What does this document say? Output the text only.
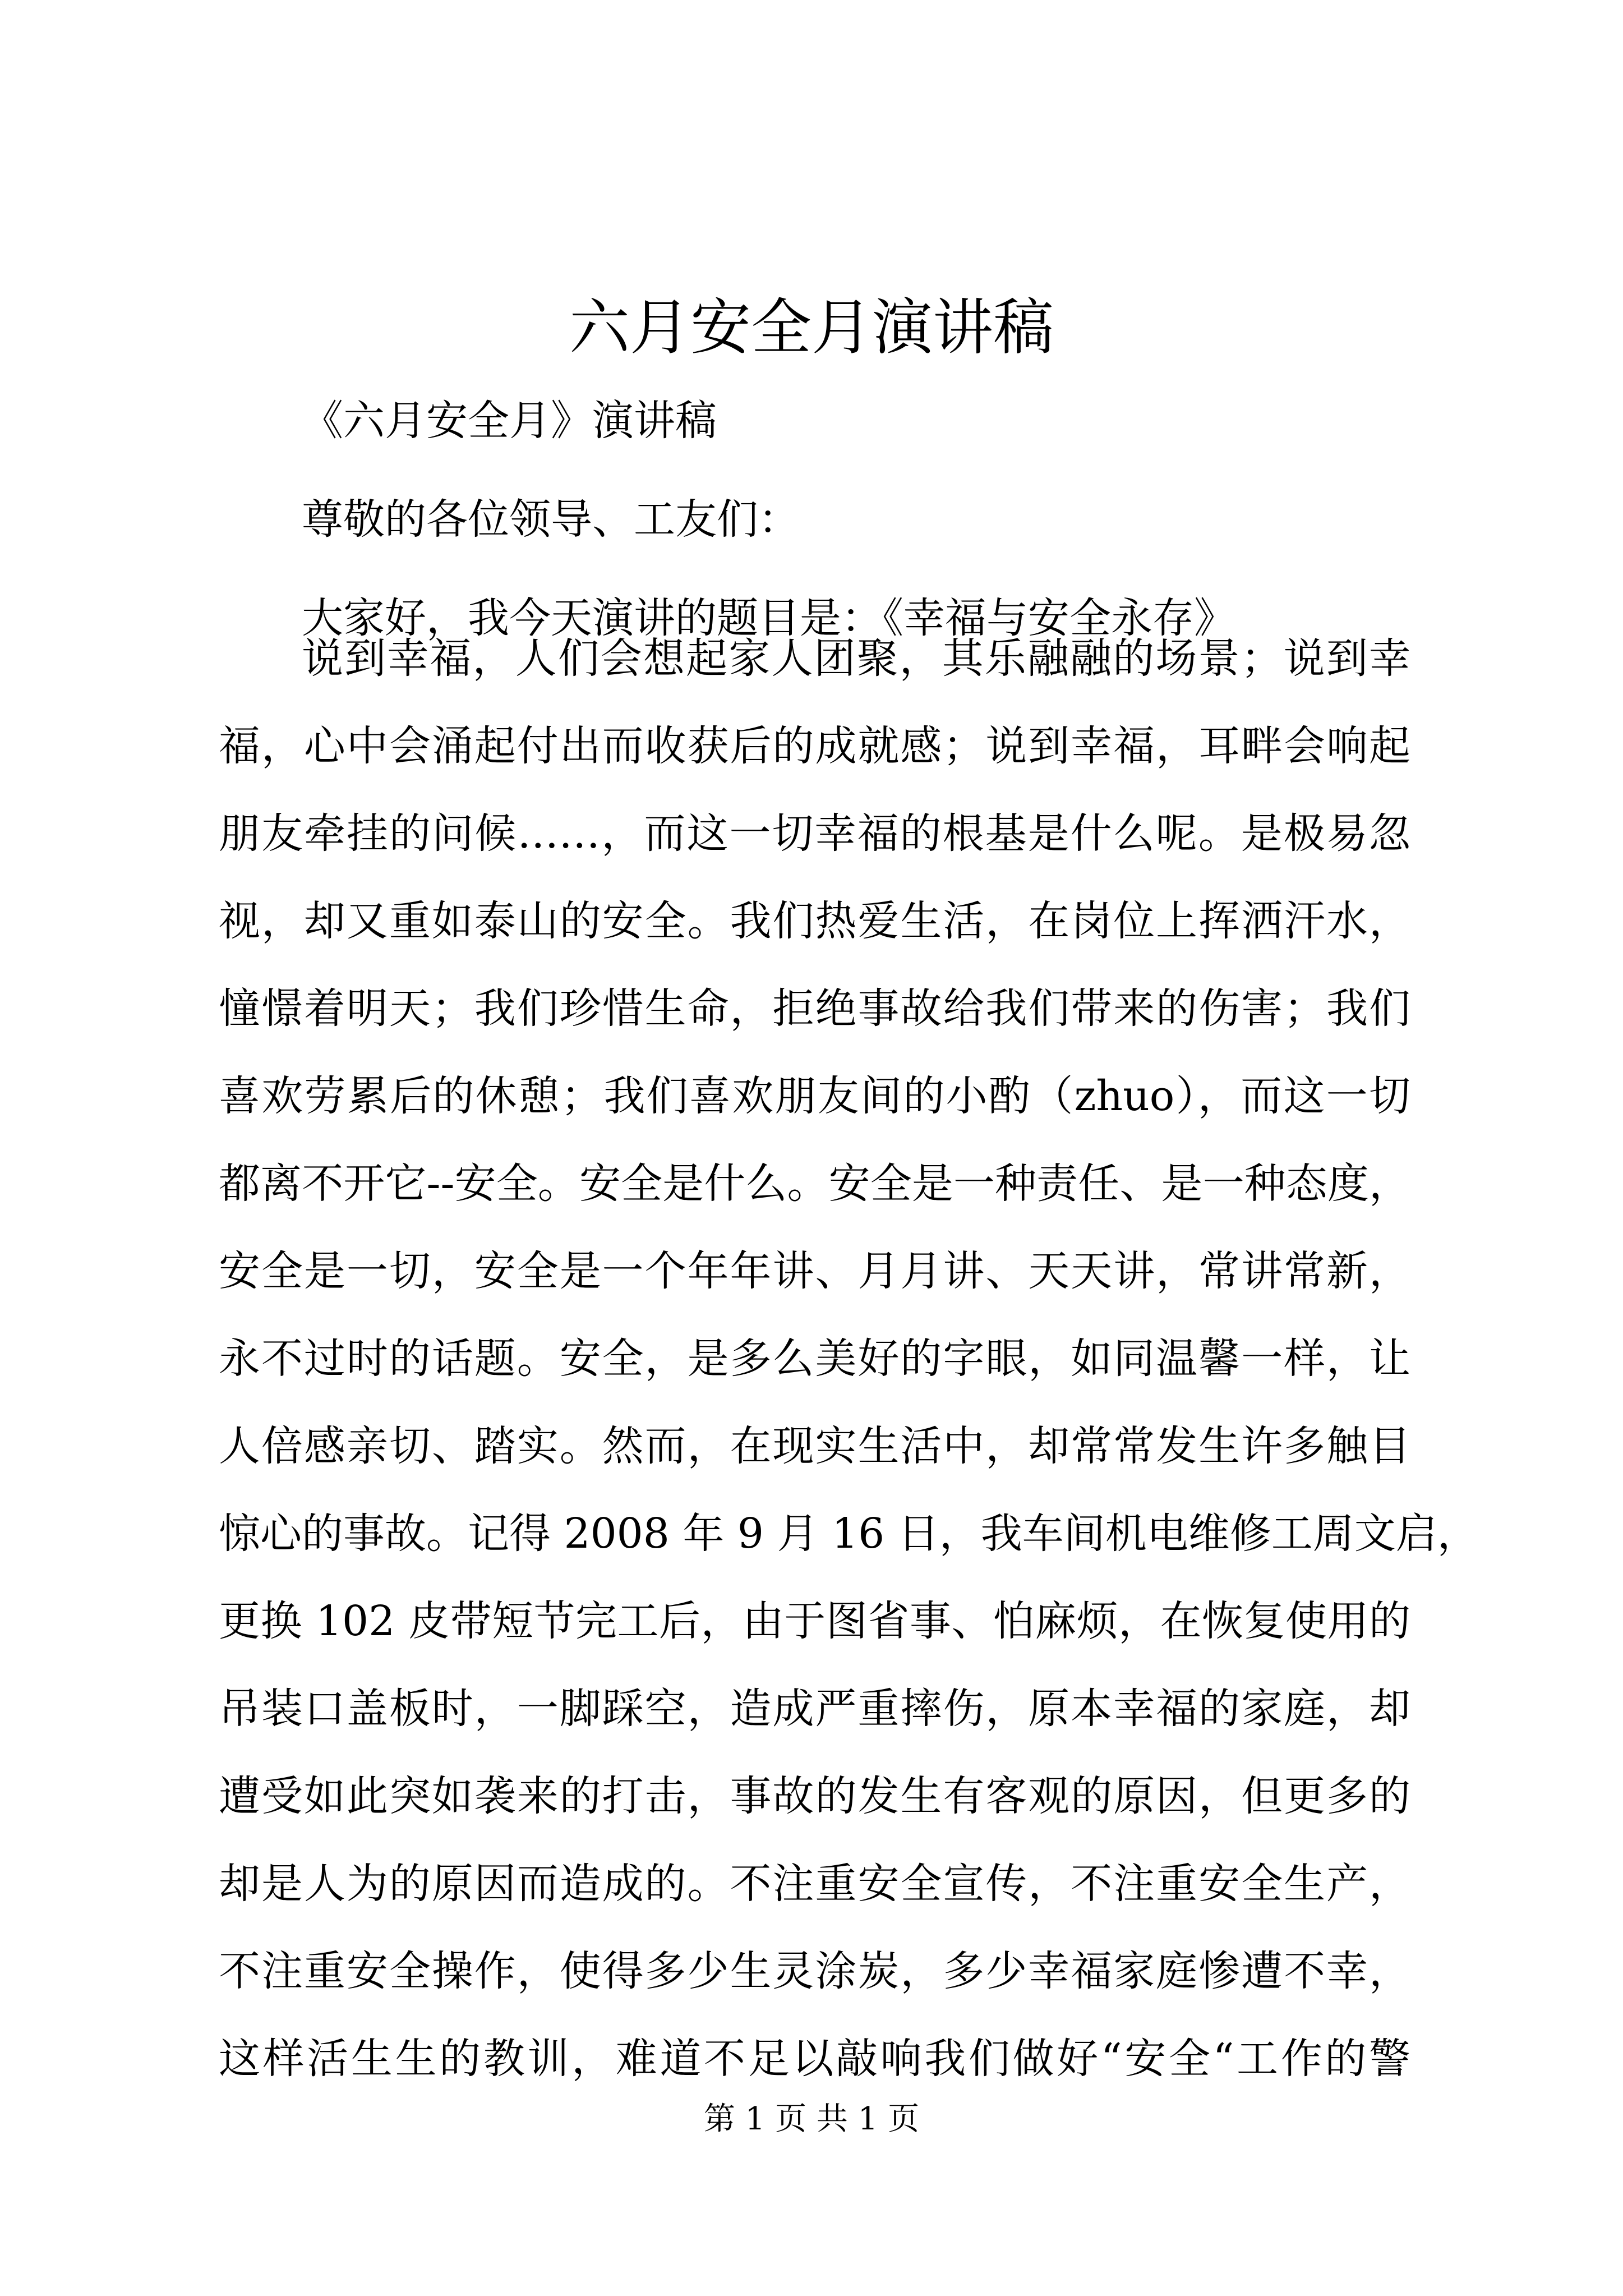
六月安全月演讲稿

《六月安全月》演讲稿

尊敬的各位领导、工友们：

大家好，我今天演讲的题目是：《幸福与安全永存》

说到幸福，人们会想起家人团聚，其乐融融的场景；说到幸

福，心中会涌起付出而收获后的成就感；说到幸福，耳畔会响起

朋友牵挂的问候……，而这一切幸福的根基是什么呢。是极易忽

视，却又重如泰山的安全。我们热爱生活，在岗位上挥洒汗水，

憧憬着明天；我们珍惜生命，拒绝事故给我们带来的伤害；我们

喜欢劳累后的休憩；我们喜欢朋友间的小酌（zhuo），而这一切

都离不开它--安全。安全是什么。安全是一种责任、是一种态度，

安全是一切，安全是一个年年讲、月月讲、天天讲，常讲常新，

永不过时的话题。安全，是多么美好的字眼，如同温馨一样，让

人倍感亲切、踏实。然而，在现实生活中，却常常发生许多触目

惊心的事故。记得 2008 年 9 月 16 日，我车间机电维修工周文启，

更换 102 皮带短节完工后，由于图省事、怕麻烦，在恢复使用的

吊装口盖板时，一脚踩空，造成严重摔伤，原本幸福的家庭，却

遭受如此突如袭来的打击，事故的发生有客观的原因，但更多的

却是人为的原因而造成的。不注重安全宣传，不注重安全生产，

不注重安全操作，使得多少生灵涂炭，多少幸福家庭惨遭不幸，

这样活生生的教训，难道不足以敲响我们做好“安全“工作的警

第 1 页 共 1 页
